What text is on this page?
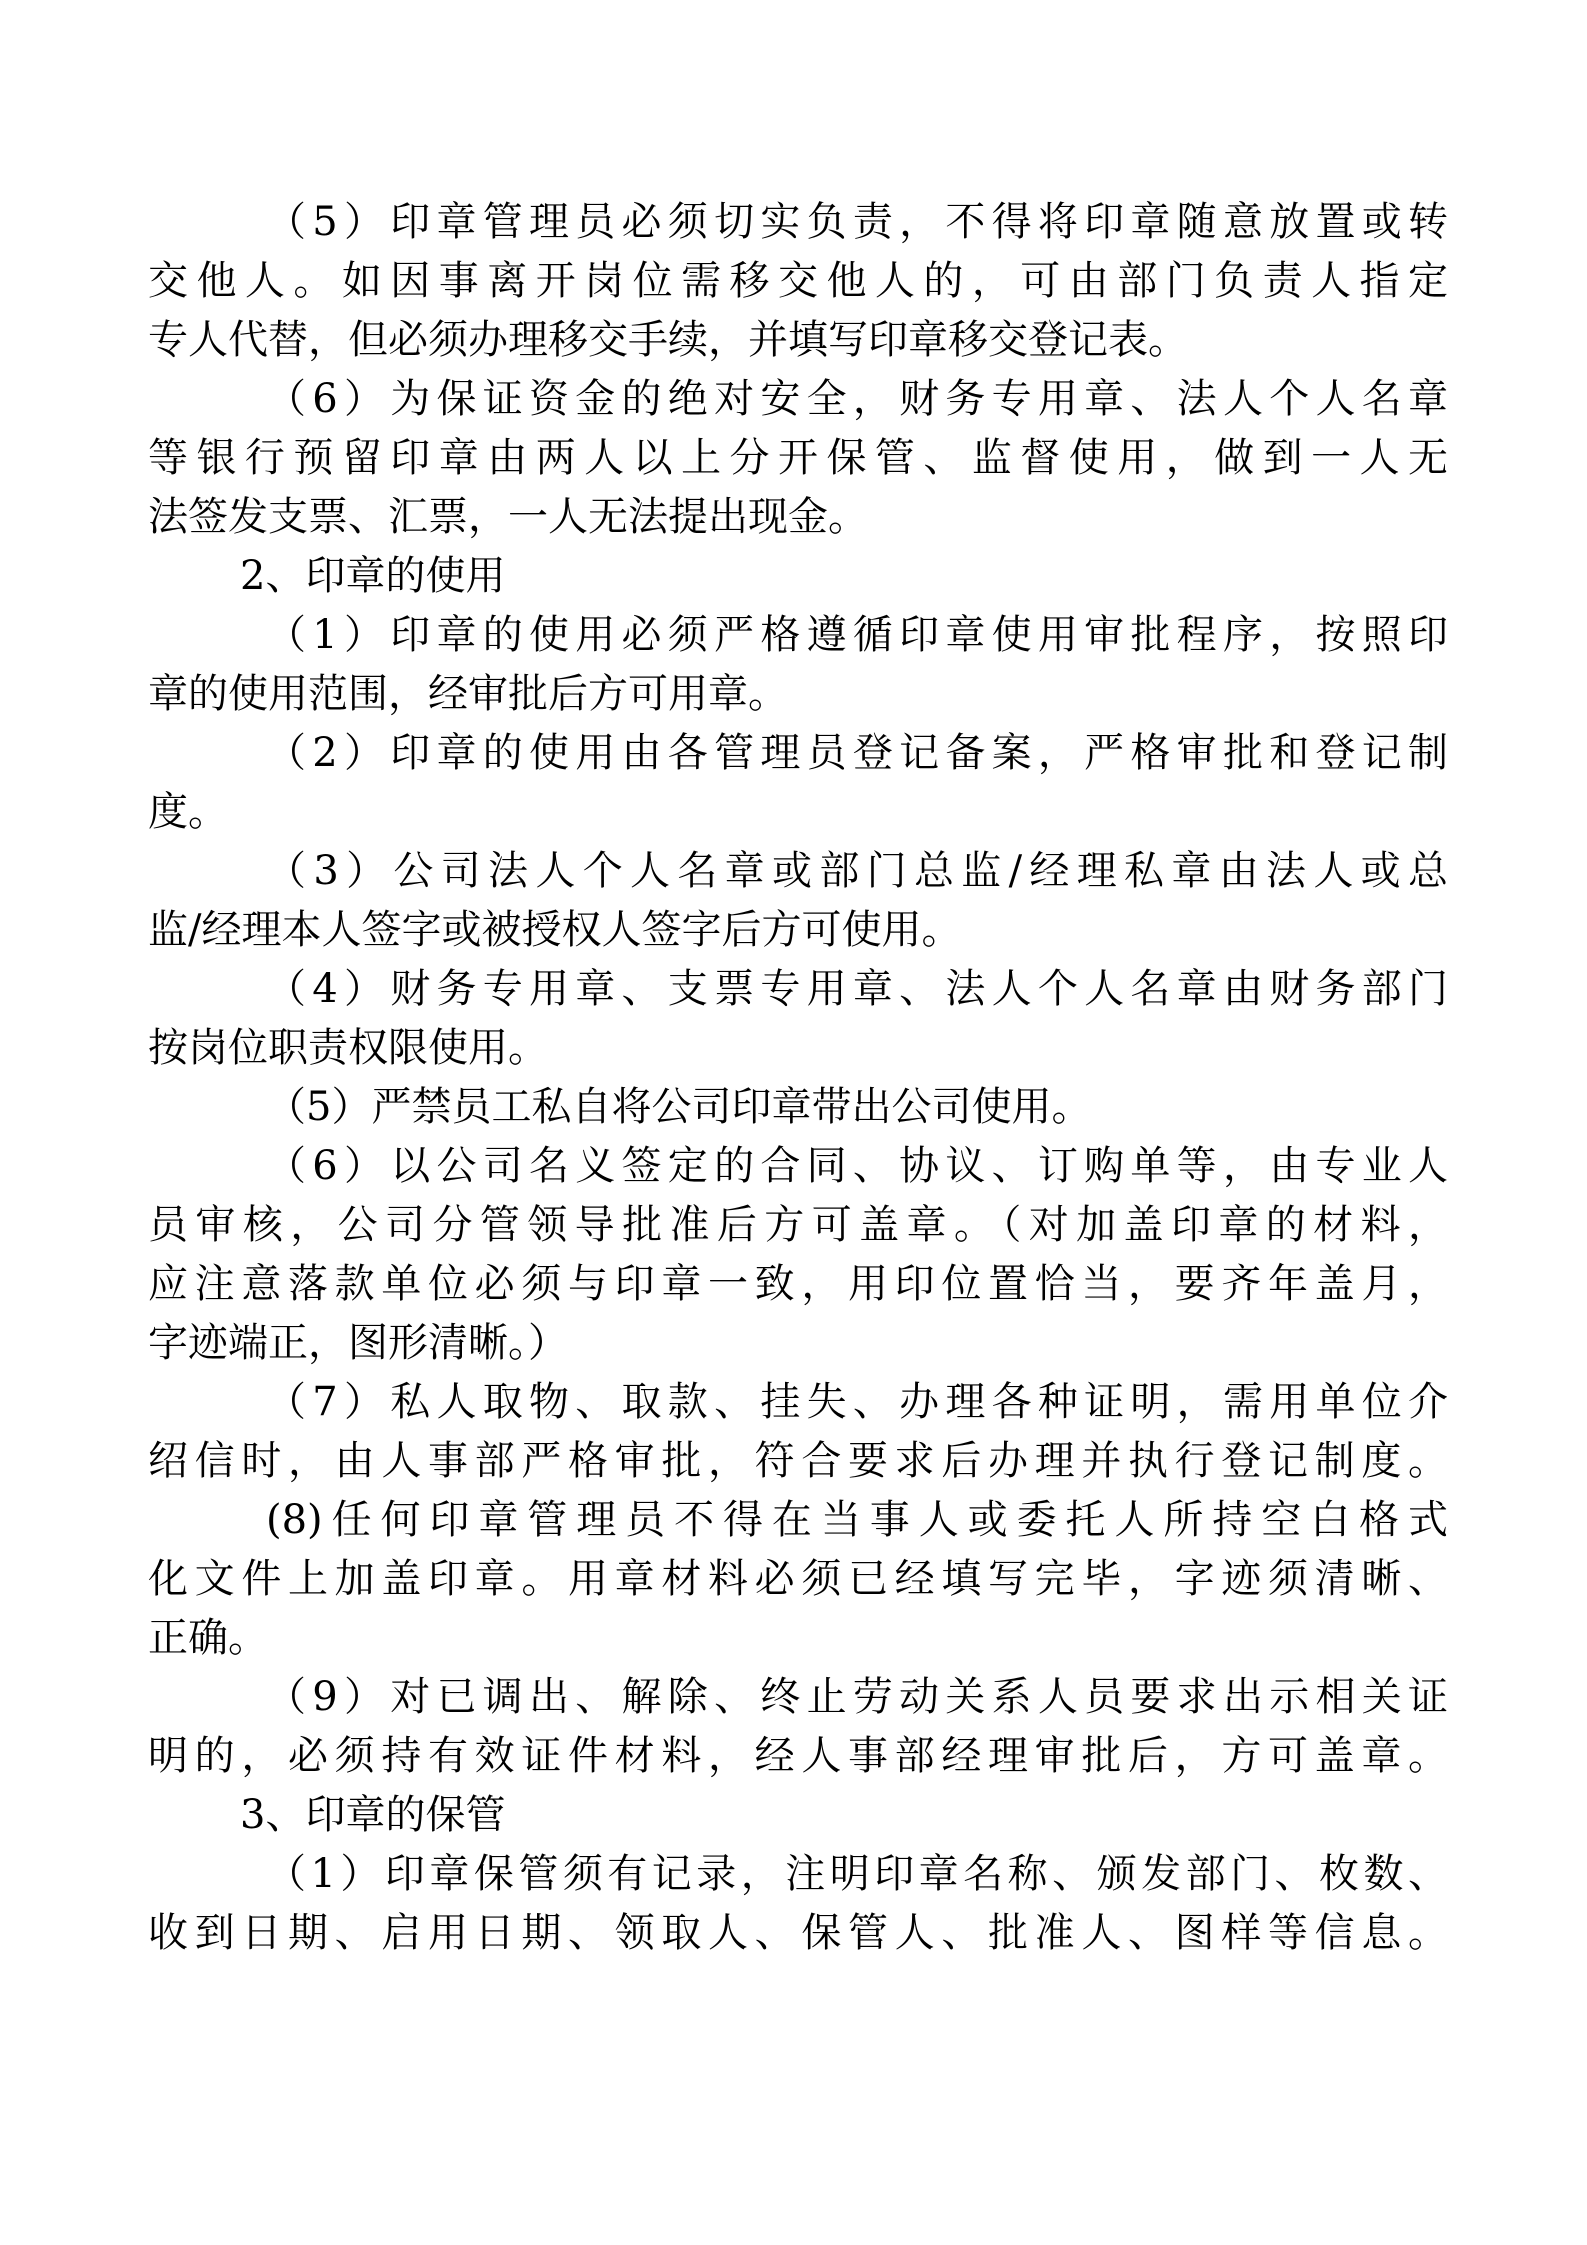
（5）印章管理员必须切实负责，不得将印章随意放置或转
交他人。如因事离开岗位需移交他人的，可由部门负责人指定
专人代替，但必须办理移交手续，并填写印章移交登记表。
（6）为保证资金的绝对安全，财务专用章、法人个人名章
等银行预留印章由两人以上分开保管、监督使用，做到一人无
法签发支票、汇票，一人无法提出现金。
2、印章的使用
（1）印章的使用必须严格遵循印章使用审批程序，按照印
章的使用范围，经审批后方可用章。
（2）印章的使用由各管理员登记备案，严格审批和登记制
度。
（3）公司法人个人名章或部门总监/经理私章由法人或总
监/经理本人签字或被授权人签字后方可使用。
（4）财务专用章、支票专用章、法人个人名章由财务部门
按岗位职责权限使用。
（5）严禁员工私自将公司印章带出公司使用。
（6）以公司名义签定的合同、协议、订购单等，由专业人
员审核，公司分管领导批准后方可盖章。（对加盖印章的材料，
应注意落款单位必须与印章一致，用印位置恰当，要齐年盖月，
字迹端正，图形清晰。）
（7）私人取物、取款、挂失、办理各种证明，需用单位介
绍信时，由人事部严格审批，符合要求后办理并执行登记制度。
(8)任何印章管理员不得在当事人或委托人所持空白格式
化文件上加盖印章。用章材料必须已经填写完毕，字迹须清晰、
正确。
（9）对已调出、解除、终止劳动关系人员要求出示相关证
明的，必须持有效证件材料，经人事部经理审批后，方可盖章。
3、印章的保管
（1）印章保管须有记录，注明印章名称、颁发部门、枚数、
收到日期、启用日期、领取人、保管人、批准人、图样等信息。
